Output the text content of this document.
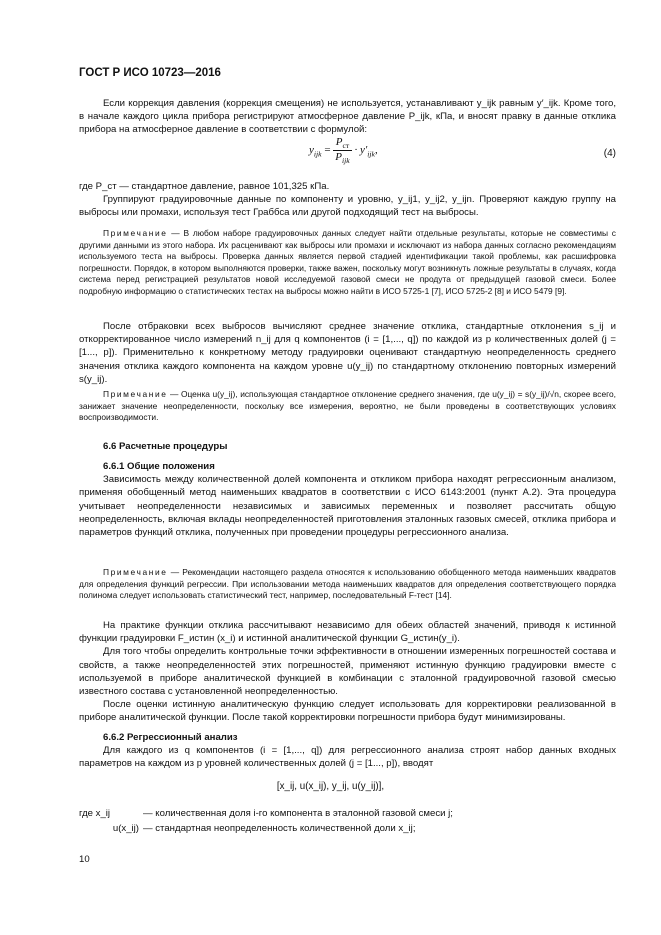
ГОСТ Р ИСО 10723—2016

Если коррекция давления (коррекция смещения) не используется, устанавливают y_ijk равным y′_ijk. Кроме того, в начале каждого цикла прибора регистрируют атмосферное давление P_ijk, кПа, и вносят правку в данные отклика прибора на атмосферное давление в соответствии с формулой:

$y_{ijk} = \frac{P_{ст}}{P_{ijk}} \cdot y'_{ijk}$,	(4)

где P_ст — стандартное давление, равное 101,325 кПа.

Группируют градуировочные данные по компоненту и уровню, y_ij1, y_ij2, y_ijn. Проверяют каждую группу на выбросы или промахи, используя тест Граббса или другой подходящий тест на выбросы.

Примечание — В любом наборе градуировочных данных следует найти отдельные результаты, которые не совместимы с другими данными из этого набора. Их расценивают как выбросы или промахи и исключают из набора данных согласно рекомендациям используемого теста на выбросы. Проверка данных является первой стадией идентификации такой проблемы, как расшифровка погрешности. Порядок, в котором выполняются проверки, также важен, поскольку могут возникнуть ложные результаты в случаях, когда система перед регистрацией результатов новой исследуемой газовой смеси не продута от предыдущей газовой смеси. Более подробную информацию о статистических тестах на выбросы можно найти в ИСО 5725-1 [7], ИСО 5725-2 [8] и ИСО 5479 [9].

После отбраковки всех выбросов вычисляют среднее значение отклика, стандартные отклонения s_ij и откорректированное число измерений n_ij для q компонентов (i = [1,..., q]) по каждой из p количественных долей (j = [1..., p]). Применительно к конкретному методу градуировки оценивают стандартную неопределенность среднего значения отклика каждого компонента на каждом уровне u(y_ij) по стандартному отклонению повторных измерений s(y_ij).

Примечание — Оценка u(y_ij), использующая стандартное отклонение среднего значения, где u(y_ij) = s(y_ij)/√n, скорее всего, занижает значение неопределенности, поскольку все измерения, вероятно, не были проведены в соответствующих условиях воспроизводимости.

6.6 Расчетные процедуры

6.6.1 Общие положения

Зависимость между количественной долей компонента и откликом прибора находят регрессионным анализом, применяя обобщенный метод наименьших квадратов в соответствии с ИСО 6143:2001 (пункт А.2). Эта процедура учитывает неопределенности независимых и зависимых переменных и позволяет рассчитать общую неопределенность, включая вклады неопределенностей приготовления эталонных газовых смесей, отклика прибора и параметров функций отклика, полученных при проведении процедуры регрессионного анализа.

Примечание — Рекомендации настоящего раздела относятся к использованию обобщенного метода наименьших квадратов для определения функций регрессии. При использовании метода наименьших квадратов для определения соответствующего порядка полинома следует использовать статистический тест, например, последовательный F-тест [14].

На практике функции отклика рассчитывают независимо для обеих областей значений, приводя к истинной функции градуировки F_истин (x_i) и истинной аналитической функции G_истин(y_i).

Для того чтобы определить контрольные точки эффективности в отношении измеренных погрешностей состава и свойств, а также неопределенностей этих погрешностей, применяют истинную функцию градуировки вместе с используемой в приборе аналитической функцией в комбинации с эталонной градуировочной газовой смесью известного состава с установленной неопределенностью.

После оценки истинную аналитическую функцию следует использовать для корректировки реализованной в приборе аналитической функции. После такой корректировки погрешности прибора будут минимизированы.

6.6.2 Регрессионный анализ

Для каждого из q компонентов (i = [1,..., q]) для регрессионного анализа строят набор данных входных параметров на каждом из p уровней количественных долей (j = [1..., p]), вводят

[x_ij, u(x_ij), y_ij, u(y_ij)],
где x_ij	— количественная доля i-го компонента в эталонной газовой смеси j;
u(x_ij) — стандартная неопределенность количественной доли x_ij;
10
